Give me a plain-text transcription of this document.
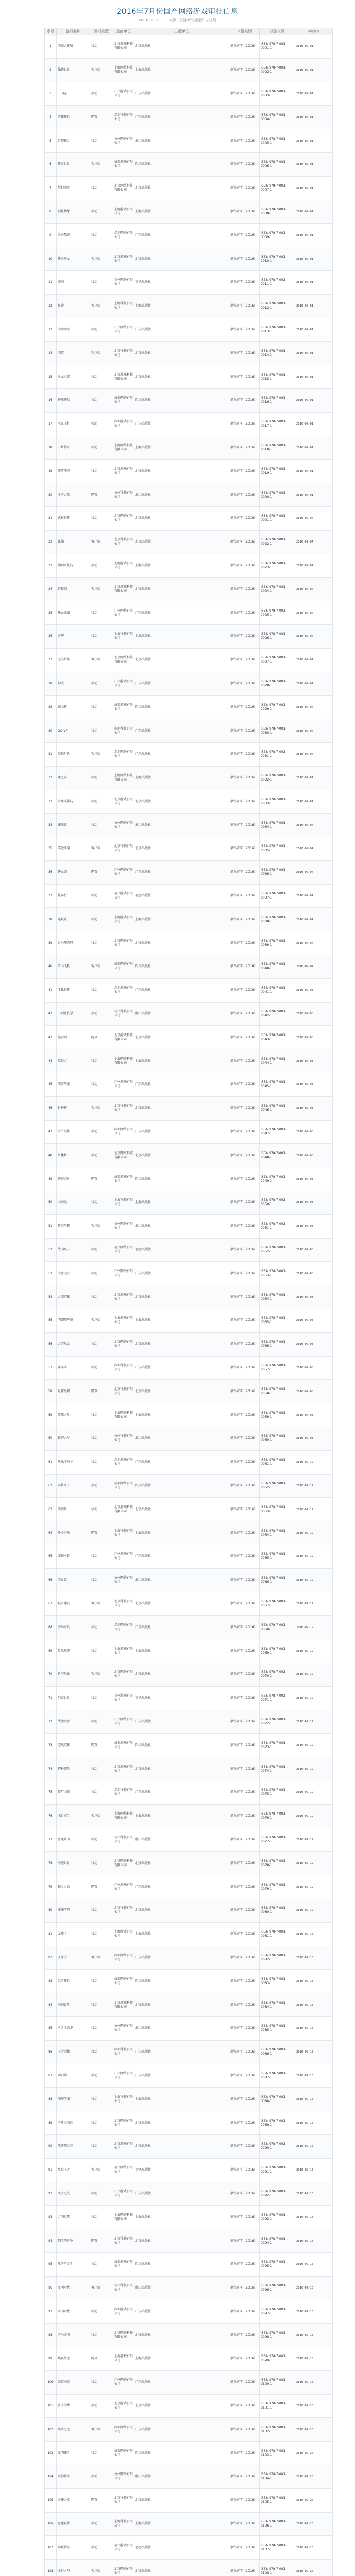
2016年7月份国产网络游戏审批信息
2016-07-29	来源：国家新闻出版广电总局
序号	游戏名称	游戏类型	运营单位	出版单位	申报类别	批准文号	出版物号
1	萌宠大作战	移动	北京游戏科技有限公司	北京出版社	新出审字〔2016〕	ISBN 978-7-001-0001-1	2016-07-01
2	仙侠世界	客户端	上海网络科技有限公司	上海出版社	新出审字〔2016〕	ISBN 978-7-001-0002-1	2016-07-01
3	三国志	移动	广州游戏有限公司	广东出版社	新出审字〔2016〕	ISBN 978-7-001-0003-1	2016-07-01
4	英雄传说	网页	深圳科技有限公司	广东出版社	新出审字〔2016〕	ISBN 978-7-001-0004-1	2016-07-01
5	口袋精灵	移动	杭州网络有限公司	浙江出版社	新出审字〔2016〕	ISBN 978-7-001-0005-1	2016-07-01
6	传奇世界	客户端	成都游戏有限公司	四川出版社	新出审字〔2016〕	ISBN 978-7-001-0006-1	2016-07-01
7	梦幻西游	移动	北京网络科技有限公司	北京出版社	新出审字〔2016〕	ISBN 978-7-001-0007-1	2016-07-01
8	剑侠情缘	移动	上海游戏有限公司	上海出版社	新出审字〔2016〕	ISBN 978-7-001-0008-1	2016-07-01
9	天天酷跑	移动	深圳网络有限公司	广东出版社	新出审字〔2016〕	ISBN 978-7-001-0009-1	2016-07-01
10	倚天屠龙	客户端	北京游戏有限公司	北京出版社	新出审字〔2016〕	ISBN 978-7-001-0010-1	2016-07-01
11	魔域	移动	福州网络有限公司	福建出版社	新出审字〔2016〕	ISBN 978-7-001-0011-1	2016-07-01
12	征途	客户端	上海科技有限公司	上海出版社	新出审字〔2016〕	ISBN 978-7-001-0012-1	2016-07-01
13	大话西游	移动	广州网络有限公司	广东出版社	新出审字〔2016〕	ISBN 978-7-001-0013-1	2016-07-01
14	问道	客户端	北京科技有限公司	北京出版社	新出审字〔2016〕	ISBN 978-7-001-0014-1	2016-07-01
15	天龙八部	移动	北京游戏科技有限公司	北京出版社	新出审字〔2016〕	ISBN 978-7-001-0015-1	2016-07-01
16	神雕侠侣	移动	成都网络有限公司	四川出版社	新出审字〔2016〕	ISBN 978-7-001-0016-1	2016-07-01
17	全民飞机	移动	深圳游戏有限公司	广东出版社	新出审字〔2016〕	ISBN 978-7-001-0017-1	2016-07-01
18	刀塔传奇	移动	上海网络科技有限公司	上海出版社	新出审字〔2016〕	ISBN 978-7-001-0018-1	2016-07-01
19	部落冲突	移动	北京游戏有限公司	北京出版社	新出审字〔2016〕	ISBN 978-7-001-0019-1	2016-07-01
20	斗罗大陆	网页	杭州科技有限公司	浙江出版社	新出审字〔2016〕	ISBN 978-7-001-0020-1	2016-07-01
21	武林外传	移动	北京网络有限公司	北京出版社	新出审字〔2016〕	ISBN 978-7-001-0021-1	2016-07-04
22	诛仙	客户端	北京科技有限公司	北京出版社	新出审字〔2016〕	ISBN 978-7-001-0022-1	2016-07-04
23	仙剑奇侠传	移动	上海游戏有限公司	上海出版社	新出审字〔2016〕	ISBN 978-7-001-0023-1	2016-07-04
24	轩辕剑	客户端	北京游戏科技有限公司	北京出版社	新出审字〔2016〕	ISBN 978-7-001-0024-1	2016-07-04
25	热血江湖	移动	广州网络有限公司	广东出版社	新出审字〔2016〕	ISBN 978-7-001-0025-1	2016-07-04
26	奇迹	移动	上海科技有限公司	上海出版社	新出审字〔2016〕	ISBN 978-7-001-0026-1	2016-07-04
27	完美世界	客户端	北京网络科技有限公司	北京出版社	新出审字〔2016〕	ISBN 978-7-001-0027-1	2016-07-04
28	神武	移动	广州游戏有限公司	广东出版社	新出审字〔2016〕	ISBN 978-7-001-0028-1	2016-07-04
29	蜀山传	移动	成都游戏有限公司	四川出版社	新出审字〔2016〕	ISBN 978-7-001-0029-1	2016-07-04
30	QQ飞车	移动	深圳科技有限公司	广东出版社	新出审字〔2016〕	ISBN 978-7-001-0030-1	2016-07-04
31	炫舞时代	客户端	深圳网络有限公司	广东出版社	新出审字〔2016〕	ISBN 978-7-001-0031-1	2016-07-04
32	龙之谷	移动	上海网络科技有限公司	上海出版社	新出审字〔2016〕	ISBN 978-7-001-0032-1	2016-07-04
33	射雕英雄传	移动	北京游戏有限公司	北京出版社	新出审字〔2016〕	ISBN 978-7-001-0033-1	2016-07-04
34	鹿鼎记	移动	杭州网络有限公司	浙江出版社	新出审字〔2016〕	ISBN 978-7-001-0034-1	2016-07-04
35	笑傲江湖	客户端	北京科技有限公司	北京出版社	新出审字〔2016〕	ISBN 978-7-001-0035-1	2016-07-04
36	碧血剑	网页	广州网络有限公司	广东出版社	新出审字〔2016〕	ISBN 978-7-001-0036-1	2016-07-04
37	侠客行	移动	福州游戏有限公司	福建出版社	新出审字〔2016〕	ISBN 978-7-001-0037-1	2016-07-04
38	连城诀	移动	上海游戏有限公司	上海出版社	新出审字〔2016〕	ISBN 978-7-001-0038-1	2016-07-04
39	白马啸西风	移动	北京网络有限公司	北京出版社	新出审字〔2016〕	ISBN 978-7-001-0039-1	2016-07-04
40	雪山飞狐	客户端	成都网络有限公司	四川出版社	新出审字〔2016〕	ISBN 978-7-001-0040-1	2016-07-04
41	飞狐外传	移动	深圳游戏有限公司	广东出版社	新出审字〔2016〕	ISBN 978-7-001-0041-1	2016-07-08
42	书剑恩仇录	移动	杭州科技有限公司	浙江出版社	新出审字〔2016〕	ISBN 978-7-001-0042-1	2016-07-08
43	越女剑	网页	北京游戏科技有限公司	北京出版社	新出审字〔2016〕	ISBN 978-7-001-0043-1	2016-07-08
44	鸳鸯刀	移动	上海网络科技有限公司	上海出版社	新出审字〔2016〕	ISBN 978-7-001-0044-1	2016-07-08
45	西游降魔	移动	广州游戏有限公司	广东出版社	新出审字〔2016〕	ISBN 978-7-001-0045-1	2016-07-08
46	封神榜	客户端	北京科技有限公司	北京出版社	新出审字〔2016〕	ISBN 978-7-001-0046-1	2016-07-08
47	水浒英雄	移动	深圳网络有限公司	广东出版社	新出审字〔2016〕	ISBN 978-7-001-0047-1	2016-07-08
48	红楼梦	移动	北京网络科技有限公司	北京出版社	新出审字〔2016〕	ISBN 978-7-001-0048-1	2016-07-08
49	聊斋志异	网页	成都游戏有限公司	四川出版社	新出审字〔2016〕	ISBN 978-7-001-0049-1	2016-07-08
50	山海经	移动	上海科技有限公司	上海出版社	新出审字〔2016〕	ISBN 978-7-001-0050-1	2016-07-08
51	楚汉争霸	客户端	杭州网络有限公司	浙江出版社	新出审字〔2016〕	ISBN 978-7-001-0051-1	2016-07-08
52	战国风云	移动	福州网络有限公司	福建出版社	新出审字〔2016〕	ISBN 978-7-001-0052-1	2016-07-08
53	大唐无双	移动	广州网络有限公司	广东出版社	新出审字〔2016〕	ISBN 978-7-001-0053-1	2016-07-08
54	大宋英雄	移动	北京游戏有限公司	北京出版社	新出审字〔2016〕	ISBN 978-7-001-0054-1	2016-07-08
55	明朝那些事	客户端	上海游戏有限公司	上海出版社	新出审字〔2016〕	ISBN 978-7-001-0055-1	2016-07-08
56	大清风云	移动	北京网络有限公司	北京出版社	新出审字〔2016〕	ISBN 978-7-001-0056-1	2016-07-08
57	赛车手	移动	深圳科技有限公司	广东出版社	新出审字〔2016〕	ISBN 978-7-001-0057-1	2016-07-08
58	足球经理	网页	北京科技有限公司	北京出版社	新出审字〔2016〕	ISBN 978-7-001-0058-1	2016-07-08
59	篮球之星	移动	上海网络科技有限公司	上海出版社	新出审字〔2016〕	ISBN 978-7-001-0059-1	2016-07-08
60	棋牌大厅	移动	杭州科技有限公司	浙江出版社	新出审字〔2016〕	ISBN 978-7-001-0060-1	2016-07-08
61	欢乐斗地主	移动	深圳游戏有限公司	广东出版社	新出审字〔2016〕	ISBN 978-7-001-0061-1	2016-07-12
62	麻将来了	移动	成都网络有限公司	四川出版社	新出审字〔2016〕	ISBN 978-7-001-0062-1	2016-07-12
63	消消乐	移动	北京游戏科技有限公司	北京出版社	新出审字〔2016〕	ISBN 978-7-001-0063-1	2016-07-12
64	开心农场	网页	上海科技有限公司	上海出版社	新出审字〔2016〕	ISBN 978-7-001-0064-1	2016-07-12
65	宠物小镇	移动	广州游戏有限公司	广东出版社	新出审字〔2016〕	ISBN 978-7-001-0065-1	2016-07-12
66	美食街	移动	杭州网络有限公司	浙江出版社	新出审字〔2016〕	ISBN 978-7-001-0066-1	2016-07-12
67	城市建设	客户端	北京科技有限公司	北京出版社	新出审字〔2016〕	ISBN 978-7-001-0067-1	2016-07-12
68	海岛奇兵	移动	深圳网络有限公司	广东出版社	新出审字〔2016〕	ISBN 978-7-001-0068-1	2016-07-12
69	星际战舰	移动	上海游戏有限公司	上海出版社	新出审字〔2016〕	ISBN 978-7-001-0069-1	2016-07-12
70	机甲风暴	客户端	北京网络有限公司	北京出版社	新出审字〔2016〕	ISBN 978-7-001-0070-1	2016-07-12
71	坦克世界	移动	福州游戏有限公司	福建出版社	新出审字〔2016〕	ISBN 978-7-001-0071-1	2016-07-12
72	战舰联盟	移动	广州网络有限公司	广东出版社	新出审字〔2016〕	ISBN 978-7-001-0072-1	2016-07-12
73	空战英雄	网页	成都游戏有限公司	四川出版社	新出审字〔2016〕	ISBN 978-7-001-0073-1	2016-07-12
74	特种部队	移动	北京游戏有限公司	北京出版社	新出审字〔2016〕	ISBN 978-7-001-0074-1	2016-07-12
75	僵尸围城	移动	深圳科技有限公司	广东出版社	新出审字〔2016〕	ISBN 978-7-001-0075-1	2016-07-12
76	末日求生	客户端	上海网络科技有限公司	上海出版社	新出审字〔2016〕	ISBN 978-7-001-0076-1	2016-07-12
77	恐龙乐园	移动	杭州科技有限公司	浙江出版社	新出审字〔2016〕	ISBN 978-7-001-0077-1	2016-07-12
78	海底世界	移动	北京网络科技有限公司	北京出版社	新出审字〔2016〕	ISBN 978-7-001-0078-1	2016-07-12
79	精灵之森	网页	广州游戏有限公司	广东出版社	新出审字〔2016〕	ISBN 978-7-001-0079-1	2016-07-12
80	魔法学院	移动	北京科技有限公司	北京出版社	新出审字〔2016〕	ISBN 978-7-001-0080-1	2016-07-12
81	龙骑士	移动	上海游戏有限公司	上海出版社	新出审字〔2016〕	ISBN 978-7-001-0081-1	2016-07-15
82	圣斗士	客户端	深圳网络有限公司	广东出版社	新出审字〔2016〕	ISBN 978-7-001-0082-1	2016-07-15
83	忍者传说	移动	成都网络有限公司	四川出版社	新出审字〔2016〕	ISBN 978-7-001-0083-1	2016-07-15
84	海贼冒险	移动	北京游戏科技有限公司	北京出版社	新出审字〔2016〕	ISBN 978-7-001-0084-1	2016-07-15
85	勇者斗恶龙	移动	杭州网络有限公司	浙江出版社	新出审字〔2016〕	ISBN 978-7-001-0085-1	2016-07-15
86	王者荣耀	移动	深圳科技有限公司	广东出版社	新出审字〔2016〕	ISBN 978-7-001-0086-1	2016-07-15
87	阴阳师	移动	广州网络有限公司	广东出版社	新出审字〔2016〕	ISBN 978-7-001-0087-1	2016-07-15
88	崩坏学园	移动	上海科技有限公司	上海出版社	新出审字〔2016〕	ISBN 978-7-001-0088-1	2016-07-15
89	少年三国志	移动	北京网络有限公司	北京出版社	新出审字〔2016〕	ISBN 978-7-001-0089-1	2016-07-15
90	放开那三国	移动	北京游戏有限公司	北京出版社	新出审字〔2016〕	ISBN 978-7-001-0090-1	2016-07-15
91	乱世王者	客户端	福州网络有限公司	福建出版社	新出审字〔2016〕	ISBN 978-7-001-0091-1	2016-07-15
92	率土之滨	移动	广州游戏有限公司	广东出版社	新出审字〔2016〕	ISBN 978-7-001-0092-1	2016-07-15
93	万国觉醒	移动	上海网络科技有限公司	上海出版社	新出审字〔2016〕	ISBN 978-7-001-0093-1	2016-07-15
94	列王的纷争	网页	北京科技有限公司	北京出版社	新出审字〔2016〕	ISBN 978-7-001-0094-1	2016-07-15
95	战争与文明	移动	成都游戏有限公司	四川出版社	新出审字〔2016〕	ISBN 978-7-001-0095-1	2016-07-15
96	文明时代	客户端	杭州科技有限公司	浙江出版社	新出审字〔2016〕	ISBN 978-7-001-0096-1	2016-07-15
97	帝国时代	移动	深圳游戏有限公司	广东出版社	新出审字〔2016〕	ISBN 978-7-001-0097-1	2016-07-15
98	罗马帝国	移动	北京网络科技有限公司	北京出版社	新出审字〔2016〕	ISBN 978-7-001-0098-1	2016-07-15
99	埃及法老	网页	上海游戏有限公司	上海出版社	新出审字〔2016〕	ISBN 978-7-001-0099-1	2016-07-15
100	维京海盗	移动	广州网络有限公司	广东出版社	新出审字〔2016〕	ISBN 978-7-001-0100-1	2016-07-15
101	骑士荣耀	移动	北京游戏有限公司	北京出版社	新出审字〔2016〕	ISBN 978-7-001-0101-1	2016-07-20
102	黑暗之光	客户端	深圳网络有限公司	广东出版社	新出审字〔2016〕	ISBN 978-7-001-0102-1	2016-07-20
103	光明使者	移动	成都网络有限公司	四川出版社	新出审字〔2016〕	ISBN 978-7-001-0103-1	2016-07-20
104	暗影猎手	移动	杭州网络有限公司	浙江出版社	新出审字〔2016〕	ISBN 978-7-001-0104-1	2016-07-20
105	天使之翼	网页	北京科技有限公司	北京出版社	新出审字〔2016〕	ISBN 978-7-001-0105-1	2016-07-20
106	恶魔城堡	移动	上海科技有限公司	上海出版社	新出审字〔2016〕	ISBN 978-7-001-0106-1	2016-07-20
107	神域传说	移动	福州游戏有限公司	福建出版社	新出审字〔2016〕	ISBN 978-7-001-0107-1	2016-07-20
108	永恒之塔	客户端	北京网络有限公司	北京出版社	新出审字〔2016〕	ISBN 978-7-001-0108-1	2016-07-20
